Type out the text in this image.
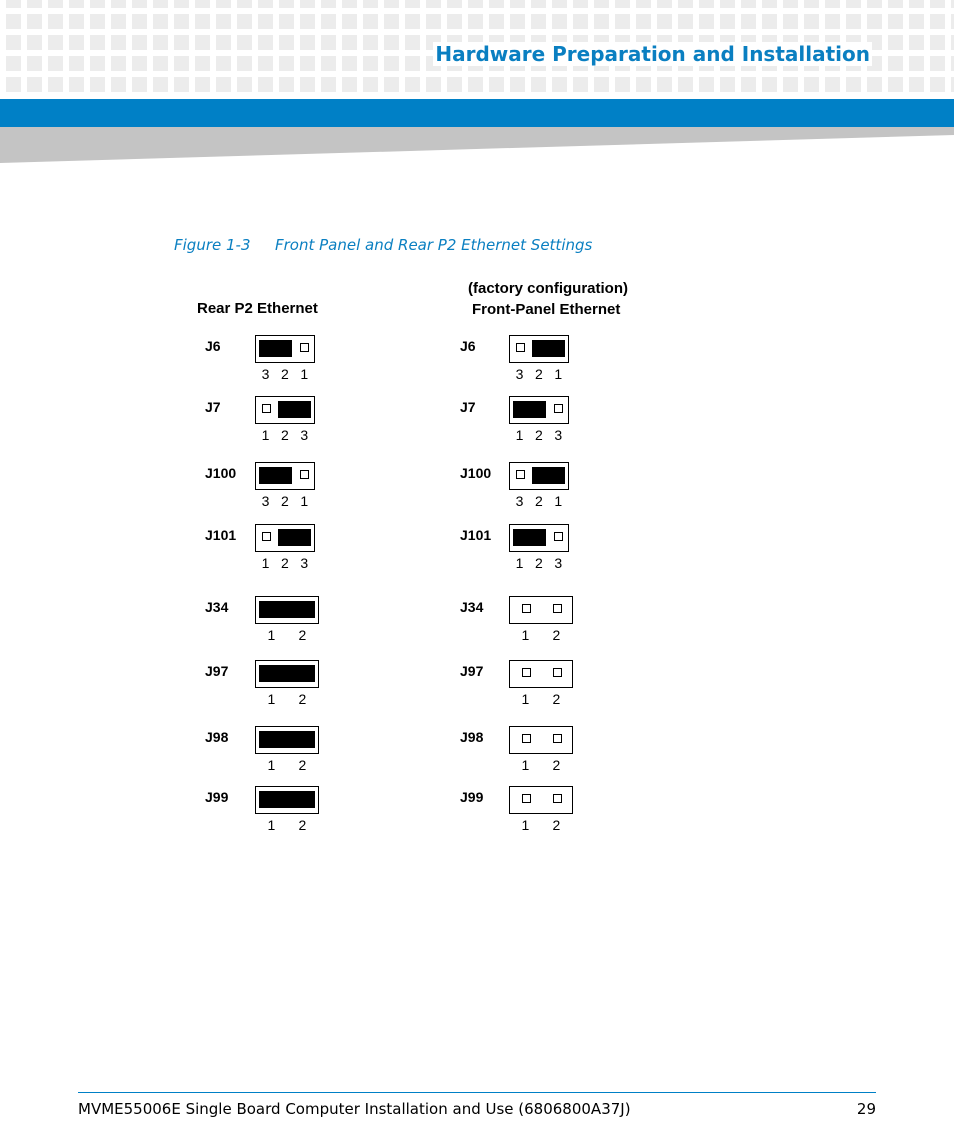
Hardware Preparation and Installation
Figure 1-3 Front Panel and Rear P2 Ethernet Settings
(factory configuration)
Rear P2 Ethernet	Front-Panel Ethernet
J6
3 2 1
J7
1 2 3
J100
3 2 1
J101
1 2 3
J34
1 2
J97
1 2
J98
1 2
J99
1 2
J6
3 2 1
J7
1 2 3
J100
3 2 1
J101
1 2 3
J34
1 2
J97
1 2
J98
1 2
J99
1 2
MVME55006E Single Board Computer Installation and Use (6806800A37J)	29
